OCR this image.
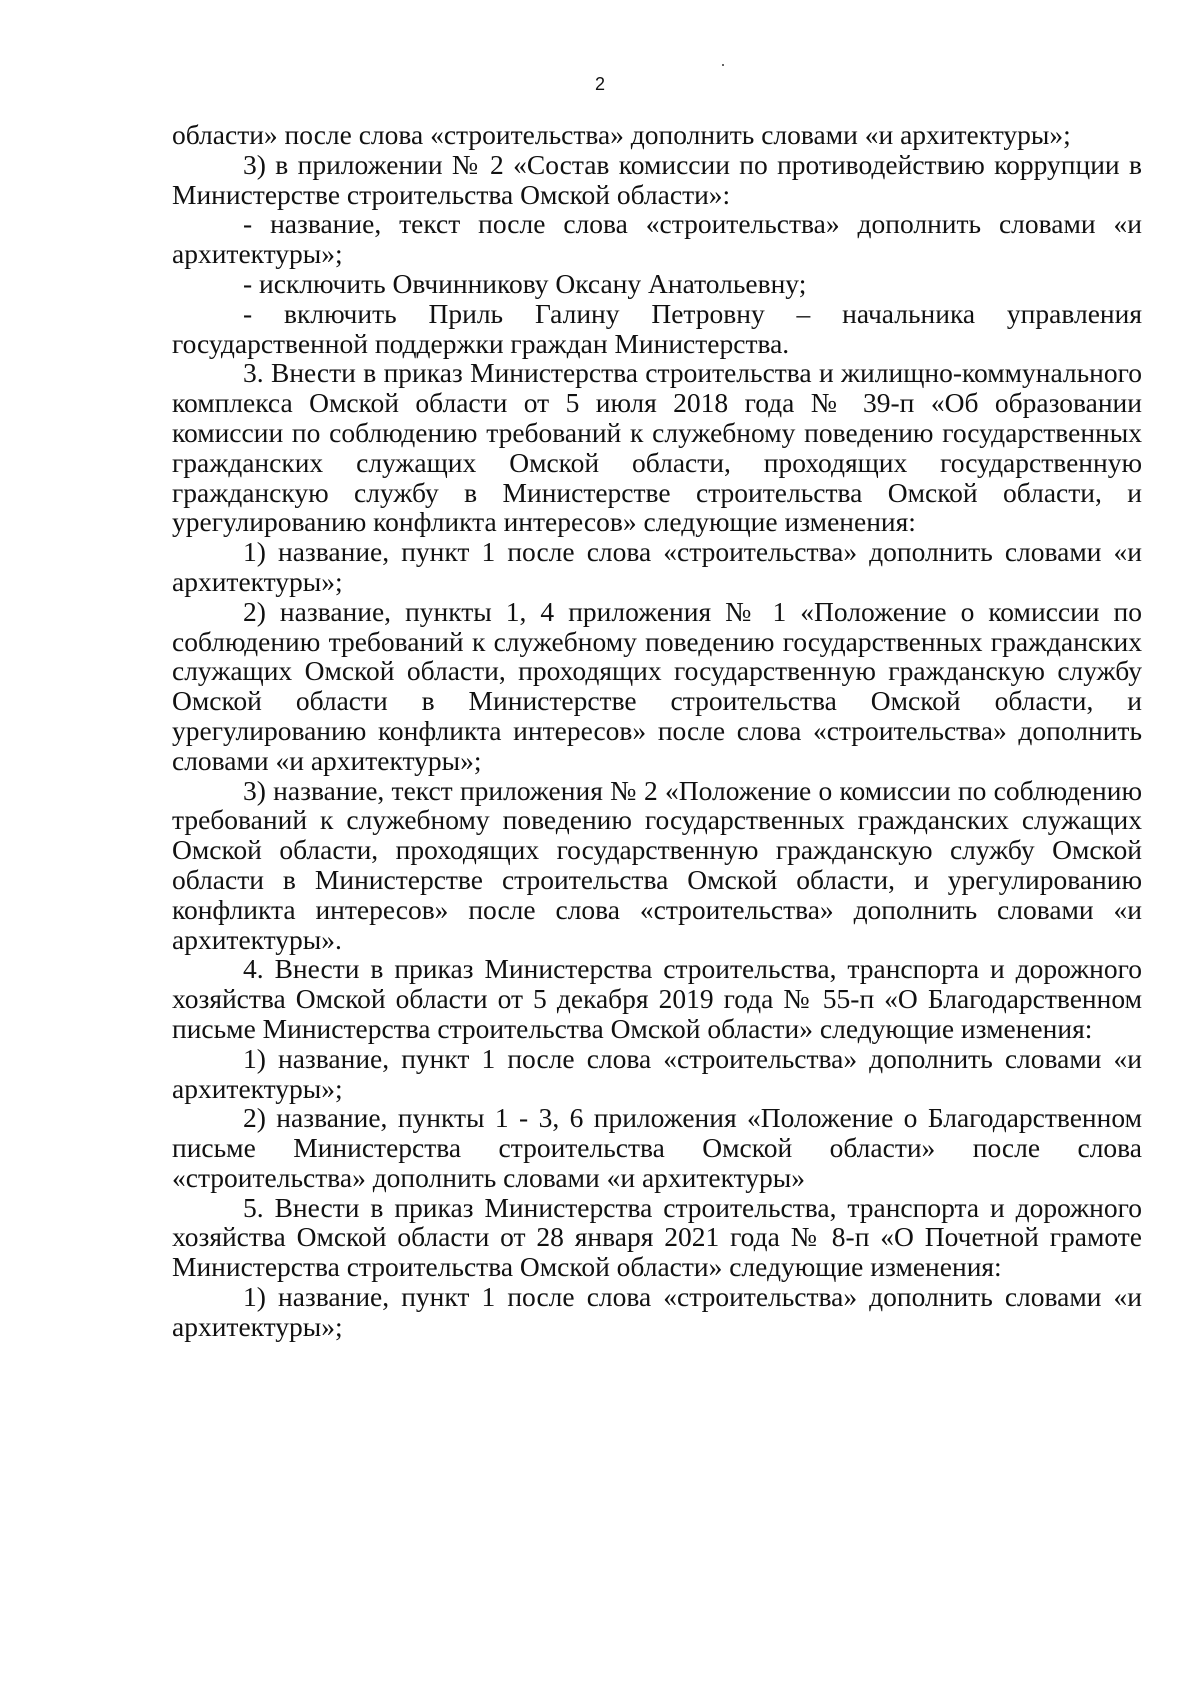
2

области» после слова «строительства» дополнить словами «и архитектуры»;

3) в приложении № 2 «Состав комиссии по противодействию коррупции в Министерстве строительства Омской области»:

- название, текст после слова «строительства» дополнить словами «и архитектуры»;

- исключить Овчинникову Оксану Анатольевну;

- включить Приль Галину Петровну – начальника управления государственной поддержки граждан Министерства.

3. Внести в приказ Министерства строительства и жилищно-коммунального комплекса Омской области от 5 июля 2018 года № 39-п «Об образовании комиссии по соблюдению требований к служебному поведению государственных гражданских служащих Омской области, проходящих государственную гражданскую службу в Министерстве строительства Омской области, и урегулированию конфликта интересов» следующие изменения:

1) название, пункт 1 после слова «строительства» дополнить словами «и архитектуры»;

2) название, пункты 1, 4 приложения № 1 «Положение о комиссии по соблюдению требований к служебному поведению государственных гражданских служащих Омской области, проходящих государственную гражданскую службу Омской области в Министерстве строительства Омской области, и урегулированию конфликта интересов» после слова «строительства» дополнить словами «и архитектуры»;

3) название, текст приложения № 2 «Положение о комиссии по соблюдению требований к служебному поведению государственных гражданских служащих Омской области, проходящих государственную гражданскую службу Омской области в Министерстве строительства Омской области, и урегулированию конфликта интересов» после слова «строительства» дополнить словами «и архитектуры».

4. Внести в приказ Министерства строительства, транспорта и дорожного хозяйства Омской области от 5 декабря 2019 года № 55-п «О Благодарственном письме Министерства строительства Омской области» следующие изменения:

1) название, пункт 1 после слова «строительства» дополнить словами «и архитектуры»;

2) название, пункты 1 - 3, 6 приложения «Положение о Благодарственном письме Министерства строительства Омской области» после слова «строительства» дополнить словами «и архитектуры»

5. Внести в приказ Министерства строительства, транспорта и дорожного хозяйства Омской области от 28 января 2021 года № 8-п «О Почетной грамоте Министерства строительства Омской области» следующие изменения:

1) название, пункт 1 после слова «строительства» дополнить словами «и архитектуры»;
